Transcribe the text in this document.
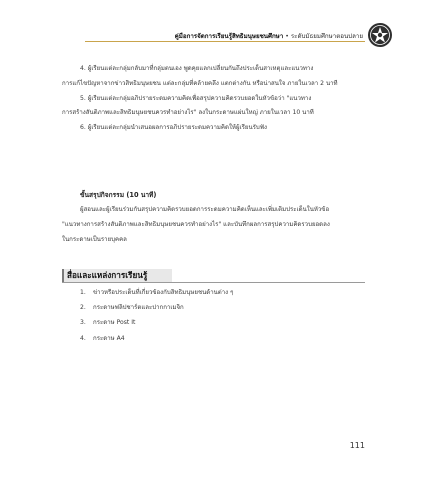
คู่มือการจัดการเรียนรู้สิทธิมนุษยชนศึกษา • ระดับมัธยมศึกษาตอนปลาย
4. ผู้เรียนแต่ละกลุ่มกลับมาที่กลุ่มตนเอง พูดคุยแลกเปลี่ยนกันถึงประเด็นสาเหตุและแนวทาง
การแก้ไขปัญหาจากข่าวสิทธิมนุษยชน แต่ละกลุ่มที่คล้ายคลึง แตกต่างกัน หรือน่าสนใจ ภายในเวลา 2 นาที
5. ผู้เรียนแต่ละกลุ่มอภิปรายระดมความคิดเพื่อสรุปความคิดรวบยอดในหัวข้อว่า "แนวทาง
การสร้างสันติภาพและสิทธิมนุษยชนควรทำอย่างไร" ลงในกระดาษแผ่นใหญ่ ภายในเวลา 10 นาที
6. ผู้เรียนแต่ละกลุ่มนำเสนอผลการอภิปรายระดมความคิดให้ผู้เรียนรับฟัง
ขั้นสรุปกิจกรรม (10 นาที)
ผู้สอนและผู้เรียนร่วมกันสรุปความคิดรวบยอดการระดมความคิดเห็นและเพิ่มเติมประเด็นในหัวข้อ
"แนวทางการสร้างสันติภาพและสิทธิมนุษยชนควรทำอย่างไร" และบันทึกผลการสรุปความคิดรวบยอดลง
ในกระดาษเป็นรายบุคคล
สื่อและแหล่งการเรียนรู้
1. ข่าวหรือประเด็นที่เกี่ยวข้องกับสิทธิมนุษยชนด้านต่าง ๆ
2. กระดาษฟลิปชาร์ตและปากกาเมจิก
3. กระดาษ Post It
4. กระดาษ A4
111
